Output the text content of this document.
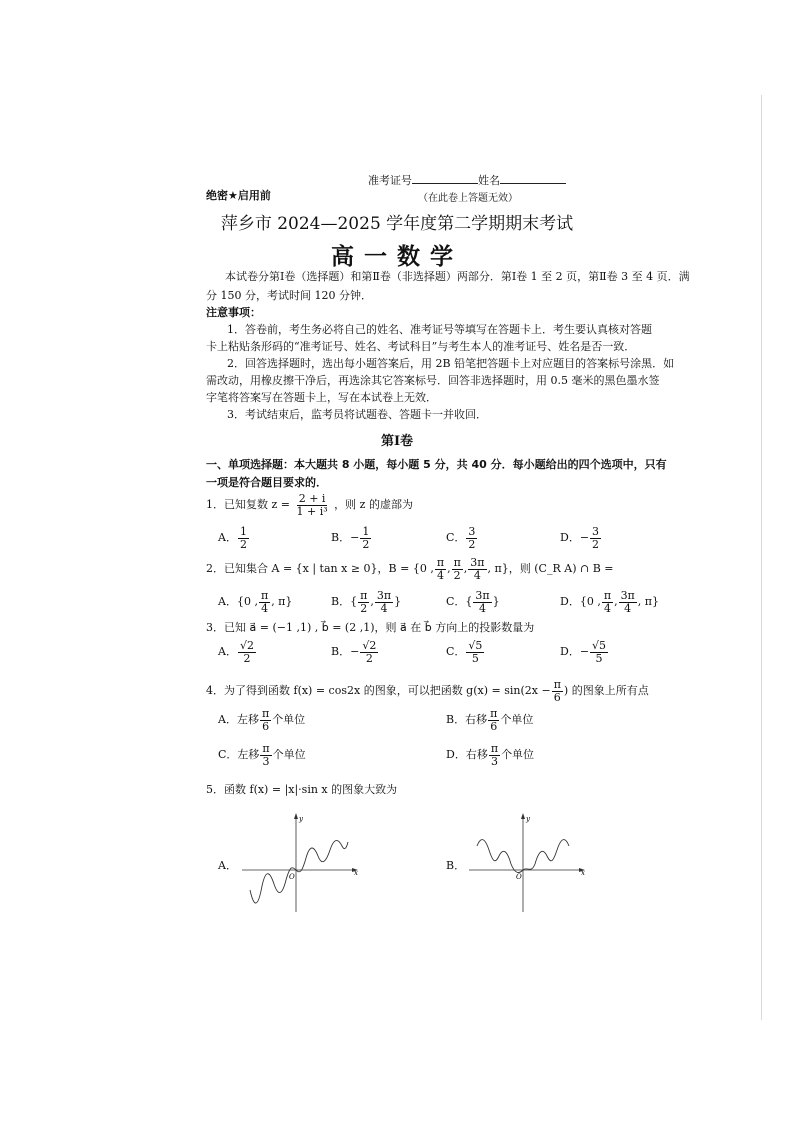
准考证号	姓名
绝密★启用前	（在此卷上答题无效）
萍乡市 2024—2025 学年度第二学期期末考试
高一数学
本试卷分第Ⅰ卷（选择题）和第Ⅱ卷（非选择题）两部分．第Ⅰ卷 1 至 2 页，第Ⅱ卷 3 至 4 页．满
分 150 分，考试时间 120 分钟．
注意事项：
1．答卷前，考生务必将自己的姓名、准考证号等填写在答题卡上．考生要认真核对答题
卡上粘贴条形码的“准考证号、姓名、考试科目”与考生本人的准考证号、姓名是否一致．
2．回答选择题时，选出每小题答案后，用 2B 铅笔把答题卡上对应题目的答案标号涂黑．如
需改动，用橡皮擦干净后，再选涂其它答案标号．回答非选择题时，用 0.5 毫米的黑色墨水签
字笔将答案写在答题卡上，写在本试卷上无效．
3．考试结束后，监考员将试题卷、答题卡一并收回．
第Ⅰ卷
一、单项选择题：本大题共 8 小题，每小题 5 分，共 40 分．每小题给出的四个选项中，只有
一项是符合题目要求的．
1．已知复数 $z = \frac{2 + i}{\text{1 + i³}}$ ，则 z 的虚部为
A． $\frac{1}{2}$	B．− $\frac{1}{2}$	C． $\frac{3}{2}$	D．− $\frac{3}{2}$
2．已知集合 A = {x | tan x ≥ 0}，B = {0 , $\frac{\pi}{4}$ , $\frac{\pi}{2}$ , $\frac{3\pi}{4}$ , π}，则 (C_R A) ∩ B =
A．{0 , $\frac{\pi}{4}$ , π}	B．{ $\frac{\pi}{2}$ , $\frac{3\pi}{4}$ }	C．{ $\frac{3\pi}{4}$ }	D．{0 , $\frac{\pi}{4}$ , $\frac{3\pi}{4}$ , π}
3．已知 a⃗ = (−1 ,1) , b⃗ = (2 ,1)，则 a⃗ 在 b⃗ 方向上的投影数量为
A． $\frac{√2}{2}$	B．− $\frac{√2}{2}$	C． $\frac{√5}{5}$	D．− $\frac{√5}{5}$
4．为了得到函数 f(x) = cos2x 的图象，可以把函数 $g(x) = \sin(2x - \frac{\pi}{6}$ ) 的图象上所有点
A．左移 $\frac{\pi}{6}$ 个单位	B．右移 $\frac{\pi}{6}$ 个单位
C．左移 $\frac{\pi}{3}$ 个单位	D．右移 $\frac{\pi}{3}$ 个单位
5．函数 f(x) = |x|·sin x 的图象大致为
A．	B．
x
y
O	x
y
O
